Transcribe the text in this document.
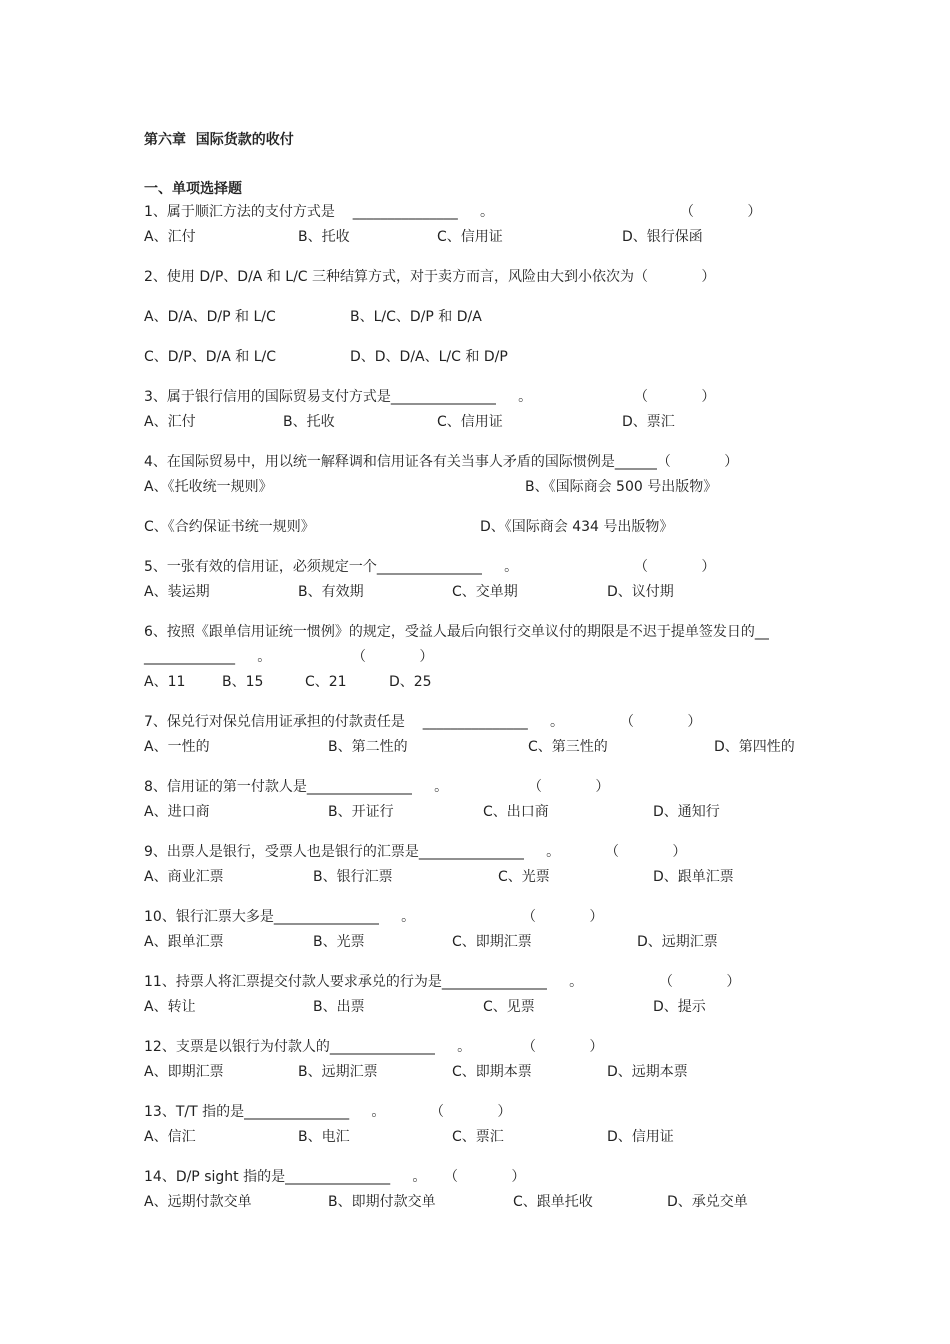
第六章  国际货款的收付
一、单项选择题
1、属于顺汇方法的支付方式是    _______________     。	（            ）
A、汇付	B、托收	C、信用证	D、银行保函
2、使用 D/P、D/A 和 L/C 三种结算方式，对于卖方而言，风险由大到小依次为（            ）
A、D/A、D/P 和 L/C	B、L/C、D/P 和 D/A
C、D/P、D/A 和 L/C	D、D、D/A、L/C 和 D/P
3、属于银行信用的国际贸易支付方式是_______________     。	（            ）
A、汇付	B、托收	C、信用证	D、票汇
4、在国际贸易中，用以统一解释调和信用证各有关当事人矛盾的国际惯例是______（            ）
A、《托收统一规则》	B、《国际商会 500 号出版物》
C、《合约保证书统一规则》	D、《国际商会 434 号出版物》
5、一张有效的信用证，必须规定一个_______________     。	（            ）
A、装运期	B、有效期	C、交单期	D、议付期
6、按照《跟单信用证统一惯例》的规定，受益人最后向银行交单议付的期限是不迟于提单签发日的__
_____________     。	（            ）
A、11	B、15	C、21	D、25
7、保兑行对保兑信用证承担的付款责任是    _______________     。	（            ）
A、一性的	B、第二性的	C、第三性的	D、第四性的
8、信用证的第一付款人是_______________     。	（            ）
A、进口商	B、开证行	C、出口商	D、通知行
9、出票人是银行，受票人也是银行的汇票是_______________     。	（            ）
A、商业汇票	B、银行汇票	C、光票	D、跟单汇票
10、银行汇票大多是_______________     。	（            ）
A、跟单汇票	B、光票	C、即期汇票	D、远期汇票
11、持票人将汇票提交付款人要求承兑的行为是_______________     。	（            ）
A、转让	B、出票	C、见票	D、提示
12、支票是以银行为付款人的_______________     。	（            ）
A、即期汇票	B、远期汇票	C、即期本票	D、远期本票
13、T/T 指的是_______________     。	（            ）
A、信汇	B、电汇	C、票汇	D、信用证
14、D/P sight 指的是_______________     。 （            ）
A、远期付款交单	B、即期付款交单	C、跟单托收	D、承兑交单
